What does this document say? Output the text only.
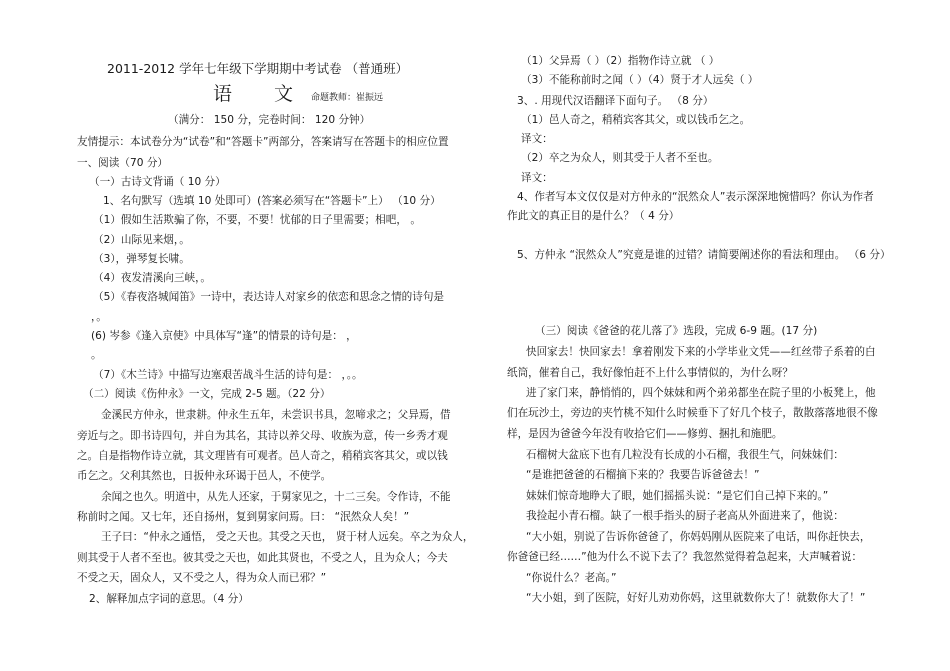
2011-2012 学年七年级下学期期中考试卷 （普通班）
语 文命题教师：崔振远
（满分： 150 分，完卷时间： 120 分钟）
友情提示：本试卷分为“试卷”和“答题卡”两部分，答案请写在答题卡的相应位置
一、阅读（70 分）
（一）古诗文背诵（ 10 分）
1、名句默写（选填 10 处即可）(答案必须写在“答题卡”上） （10 分）
（1）假如生活欺骗了你，不要，不要！忧郁的日子里需要；相吧， 。
（2）山际见来烟，。
（3），弹琴复长啸。
（4）夜发清溪向三峡，。
（5）《春夜洛城闻笛》一诗中，表达诗人对家乡的依恋和思念之情的诗句是
，。
(6) 岑参《逢入京使》中具体写“逢”的情景的诗句是： ，
。
（7）《木兰诗》中描写边塞艰苦战斗生活的诗句是： ，。。
（二）阅读《伤仲永》一文，完成 2-5 题。（22 分）
金溪民方仲永，世隶耕。仲永生五年，未尝识书具，忽啼求之；父异焉，借
旁近与之。即书诗四句，并自为其名，其诗以养父母、收族为意，传一乡秀才观
之。自是指物作诗立就，其文理皆有可观者。邑人奇之，稍稍宾客其父，或以钱
币乞之。父利其然也，日扳仲永环谒于邑人，不使学。
余闻之也久。明道中，从先人还家，于舅家见之，十二三矣。令作诗，不能
称前时之闻。又七年，还自扬州，复到舅家问焉。曰： “泯然众人矣！”
王子曰：“仲永之通悟， 受之天也。其受之天也， 贤于材人远矣。卒之为众人，
则其受于人者不至也。彼其受之天也，如此其贤也，不受之人，且为众人；今夫
不受之天，固众人，又不受之人，得为众人而已邪？”
2、解释加点字词的意思。（4 分）
（1）父异焉（ ）（2）指物作诗立就 （ ）
（3）不能称前时之闻（ ）（4）贤于才人远矣（ ）
3、. 用现代汉语翻译下面句子。 （8 分）
（1）邑人奇之，稍稍宾客其父，或以钱币乞之。
译文：
（2）卒之为众人，则其受于人者不至也。
译文：
4、作者写本文仅仅是对方仲永的“泯然众人”表示深深地惋惜吗？你认为作者
作此文的真正目的是什么？（ 4 分）
5、方仲永 “泯然众人”究竟是谁的过错？请简要阐述你的看法和理由。 （6 分）
（三）阅读《爸爸的花儿落了》选段，完成 6-9 题。(17 分)
快回家去！快回家去！拿着刚发下来的小学毕业文凭——红丝带子系着的白
纸筒，催着自己，我好像怕赶不上什么事情似的，为什么呀？
进了家门来，静悄悄的，四个妹妹和两个弟弟都坐在院子里的小板凳上，他
们在玩沙土，旁边的夹竹桃不知什么时候垂下了好几个枝子，散散落落地很不像
样，是因为爸爸今年没有收拾它们——修剪、捆扎和施肥。
石榴树大盆底下也有几粒没有长成的小石榴，我很生气，问妹妹们：
“是谁把爸爸的石榴摘下来的？我要告诉爸爸去！”
妹妹们惊奇地睁大了眼，她们摇摇头说：“是它们自己掉下来的。”
我捡起小青石榴。缺了一根手指头的厨子老高从外面进来了，他说：
“大小姐，别说了告诉你爸爸了，你妈妈刚从医院来了电话，叫你赶快去，
你爸爸已经……”他为什么不说下去了？我忽然觉得着急起来，大声喊着说：
“你说什么？老高。”
“大小姐，到了医院，好好儿劝劝你妈，这里就数你大了！就数你大了！”
